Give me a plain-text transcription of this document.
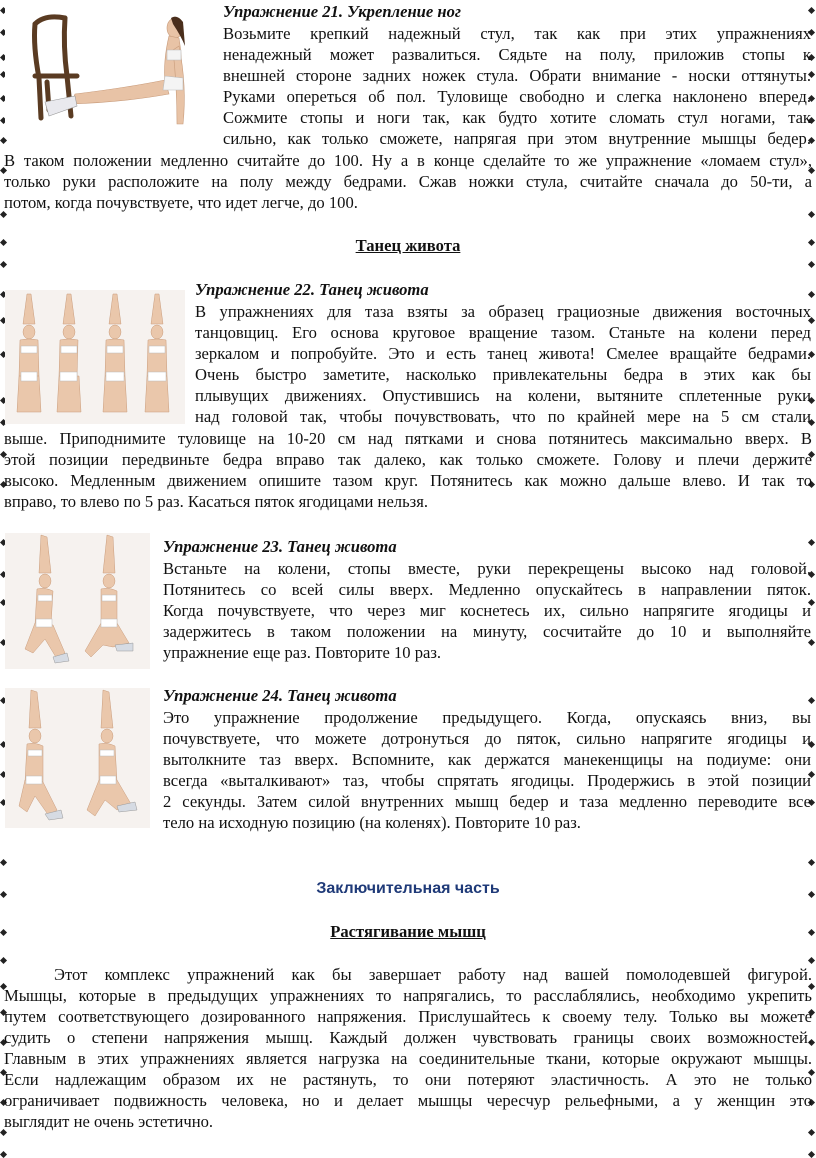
Упражнение 21. Укрепление ног

Возьмите крепкий надежный стул, так как при этих упражнениях

ненадежный может развалиться. Сядьте на полу, приложив стопы к

внешней стороне задних ножек стула. Обрати внимание - носки оттянуты.

Руками опереться об пол. Туловище свободно и слегка наклонено вперед.

Сожмите стопы и ноги так, как будто хотите сломать стул ногами, так

сильно, как только сможете, напрягая при этом внутренние мышцы бедер.

В таком положении медленно считайте до 100. Ну а в конце сделайте то же упражнение «ломаем стул»,

только руки расположите на полу между бедрами. Сжав ножки стула, считайте сначала до 50-ти, а

потом, когда почувствуете, что идет легче, до 100.

Танец живота

Упражнение 22. Танец живота

В упражнениях для таза взяты за образец грациозные движения восточных

танцовщиц. Его основа круговое вращение тазом. Станьте на колени перед

зеркалом и попробуйте. Это и есть танец живота! Смелее вращайте бедрами.

Очень быстро заметите, насколько привлекательны бедра в этих как бы

плывущих движениях. Опустившись на колени, вытяните сплетенные руки

над головой так, чтобы почувствовать, что по крайней мере на 5 см стали

выше. Приподнимите туловище на 10-20 см над пятками и снова потянитесь максимально вверх. В

этой позиции передвиньте бедра вправо так далеко, как только сможете. Голову и плечи держите

высоко. Медленным движением опишите тазом круг. Потянитесь как можно дальше влево. И так то

вправо, то влево по 5 раз. Касаться пяток ягодицами нельзя.

Упражнение 23. Танец живота

Встаньте на колени, стопы вместе, руки перекрещены высоко над головой.

Потянитесь со всей силы вверх. Медленно опускайтесь в направлении пяток.

Когда почувствуете, что через миг коснетесь их, сильно напрягите ягодицы и

задержитесь в таком положении на минуту, сосчитайте до 10 и выполняйте

упражнение еще раз. Повторите 10 раз.

Упражнение 24. Танец живота

Это упражнение продолжение предыдущего. Когда, опускаясь вниз, вы

почувствуете, что можете дотронуться до пяток, сильно напрягите ягодицы и

вытолкните таз вверх. Вспомните, как держатся манекенщицы на подиуме: они

всегда «выталкивают» таз, чтобы спрятать ягодицы. Продержись в этой позиции

2 секунды. Затем силой внутренних мышц бедер и таза медленно переводите все

тело на исходную позицию (на коленях). Повторите 10 раз.

Заключительная часть

Растягивание мышц

Этот комплекс упражнений как бы завершает работу над вашей помолодевшей фигурой.

Мышцы, которые в предыдущих упражнениях то напрягались, то расслаблялись, необходимо укрепить

путем соответствующего дозированного напряжения. Прислушайтесь к своему телу. Только вы можете

судить о степени напряжения мышц. Каждый должен чувствовать границы своих возможностей.

Главным в этих упражнениях является нагрузка на соединительные ткани, которые окружают мышцы.

Если надлежащим образом их не растянуть, то они потеряют эластичность. А это не только

ограничивает подвижность человека, но и делает мышцы чересчур рельефными, а у женщин это

выглядит не очень эстетично.
